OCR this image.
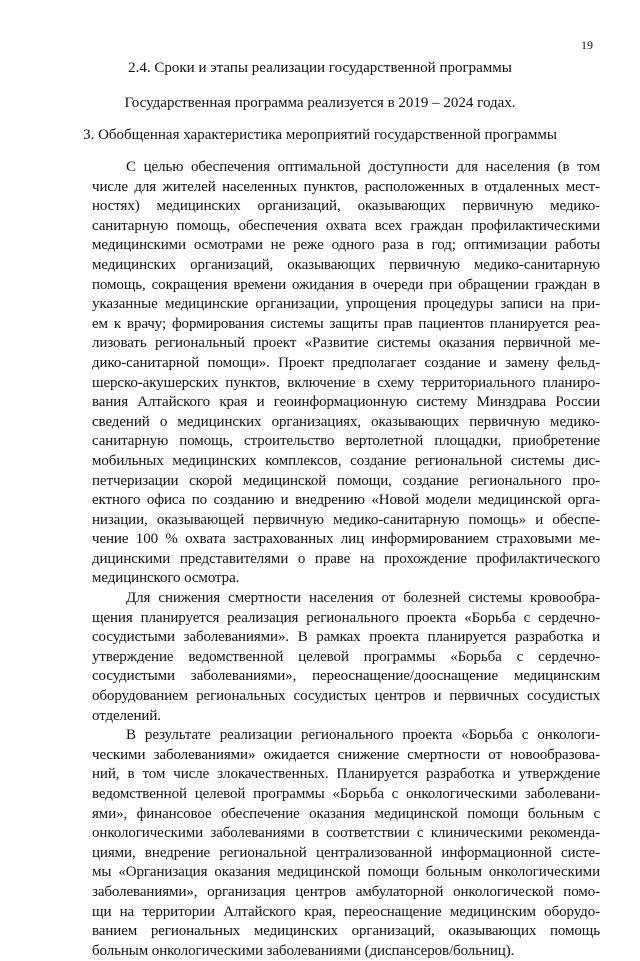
19
2.4. Сроки и этапы реализации государственной программы
Государственная программа реализуется в 2019 – 2024 годах.
3. Обобщенная характеристика мероприятий государственной программы

С целью обеспечения оптимальной доступности для населения (в том
числе для жителей населенных пунктов, расположенных в отдаленных мест-
ностях) медицинских организаций, оказывающих первичную медико-
санитарную помощь, обеспечения охвата всех граждан профилактическими
медицинскими осмотрами не реже одного раза в год; оптимизации работы
медицинских организаций, оказывающих первичную медико-санитарную
помощь, сокращения времени ожидания в очереди при обращении граждан в
указанные медицинские организации, упрощения процедуры записи на при-
ем к врачу; формирования системы защиты прав пациентов планируется реа-
лизовать региональный проект «Развитие системы оказания первичной ме-
дико-санитарной помощи». Проект предполагает создание и замену фельд-
шерско-акушерских пунктов, включение в схему территориального планиро-
вания Алтайского края и геоинформационную систему Минздрава России
сведений о медицинских организациях, оказывающих первичную медико-
санитарную помощь, строительство вертолетной площадки, приобретение
мобильных медицинских комплексов, создание региональной системы дис-
петчеризации скорой медицинской помощи, создание регионального про-
ектного офиса по созданию и внедрению «Новой модели медицинской орга-
низации, оказывающей первичную медико-санитарную помощь» и обеспе-
чение 100 % охвата застрахованных лиц информированием страховыми ме-
дицинскими представителями о праве на прохождение профилактического
медицинского осмотра.

Для снижения смертности населения от болезней системы кровообра-
щения планируется реализация регионального проекта «Борьба с сердечно-
сосудистыми заболеваниями». В рамках проекта планируется разработка и
утверждение ведомственной целевой программы «Борьба с сердечно-
сосудистыми заболеваниями», переоснащение/дооснащение медицинским
оборудованием региональных сосудистых центров и первичных сосудистых
отделений.

В результате реализации регионального проекта «Борьба с онкологи-
ческими заболеваниями» ожидается снижение смертности от новообразова-
ний, в том числе злокачественных. Планируется разработка и утверждение
ведомственной целевой программы «Борьба с онкологическими заболевани-
ями», финансовое обеспечение оказания медицинской помощи больным с
онкологическими заболеваниями в соответствии с клиническими рекоменда-
циями, внедрение региональной централизованной информационной систе-
мы «Организация оказания медицинской помощи больным онкологическими
заболеваниями», организация центров амбулаторной онкологической помо-
щи на территории Алтайского края, переоснащение медицинским оборудо-
ванием региональных медицинских организаций, оказывающих помощь
больным онкологическими заболеваниями (диспансеров/больниц).
